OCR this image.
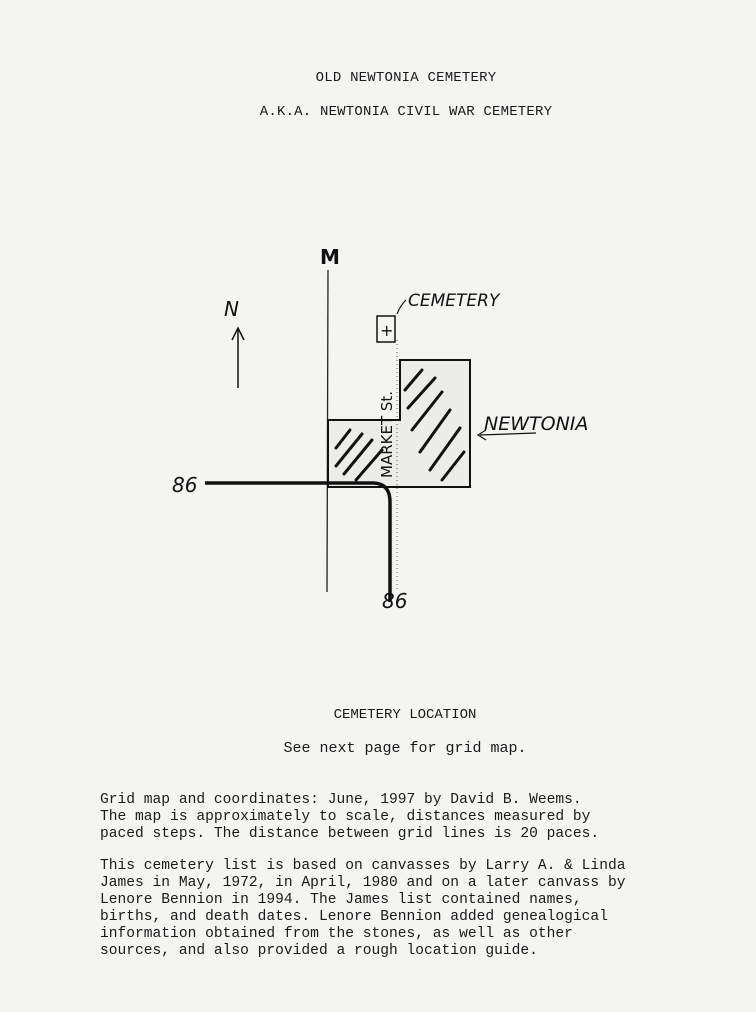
OLD NEWTONIA CEMETERY
A.K.A. NEWTONIA CIVIL WAR CEMETERY
N
M
+
CEMETERY
MARKET St.	NEWTONIA
86
86
CEMETERY LOCATION
See next page for grid map.

Grid map and coordinates: June, 1997 by David B. Weems.
The map is approximately to scale, distances measured by
paced steps. The distance between grid lines is 20 paces.

This cemetery list is based on canvasses by Larry A. & Linda
James in May, 1972, in April, 1980 and on a later canvass by
Lenore Bennion in 1994. The James list contained names,
births, and death dates. Lenore Bennion added genealogical
information obtained from the stones, as well as other
sources, and also provided a rough location guide.
